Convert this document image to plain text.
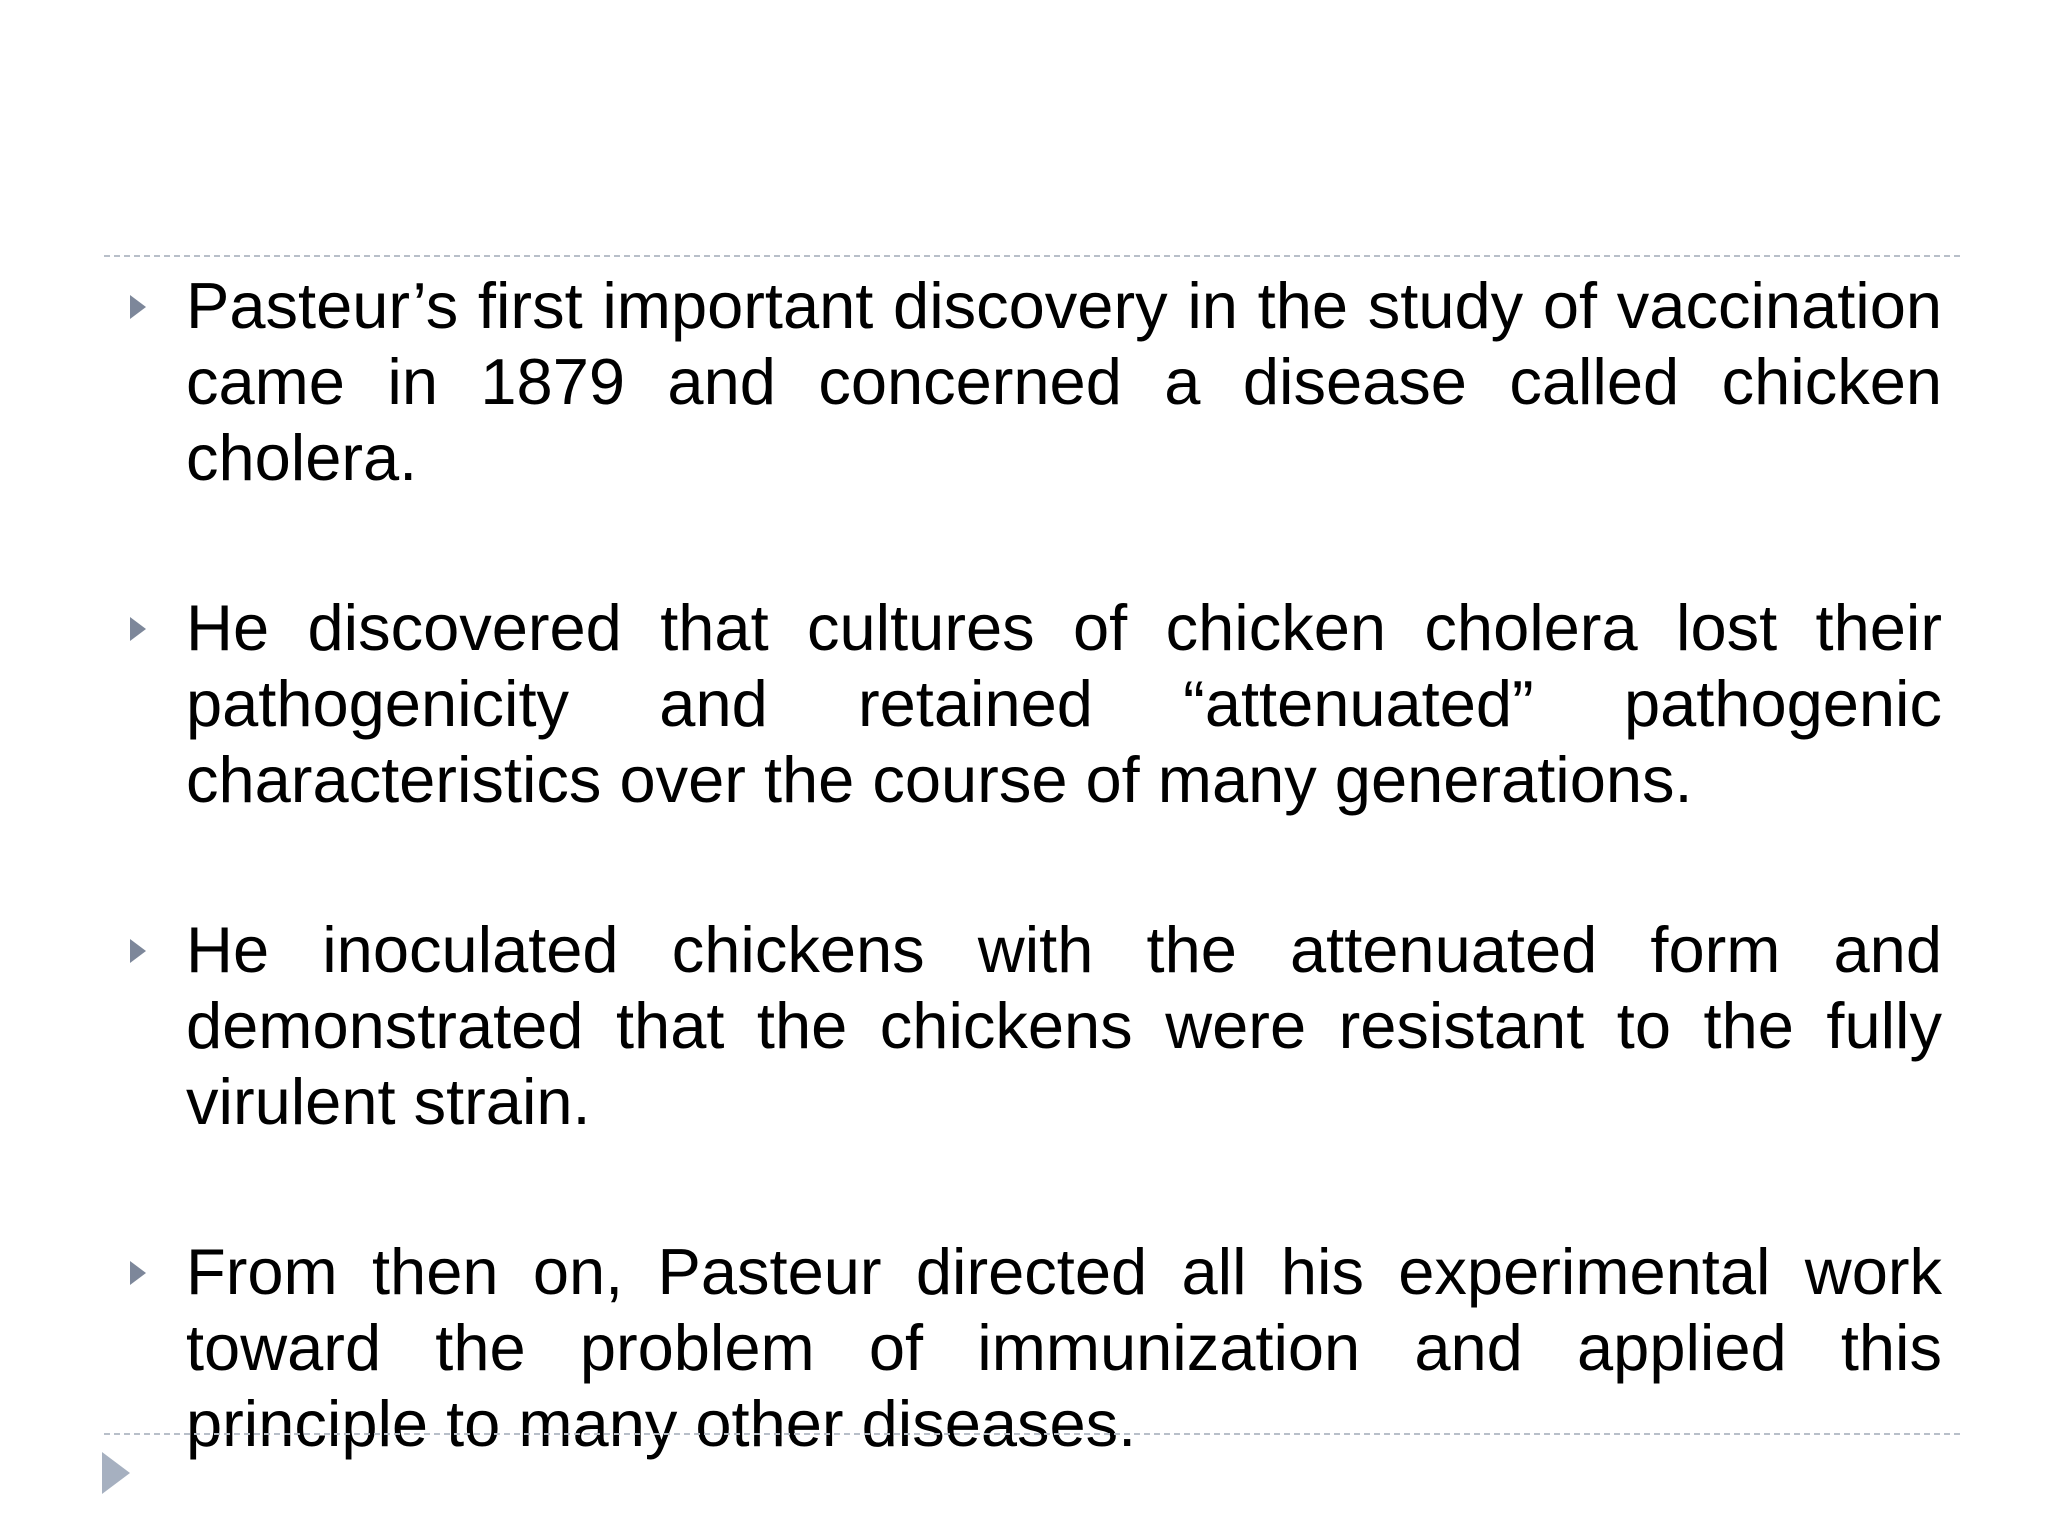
Pasteur’s first important discovery in the study of vaccination came in 1879 and concerned a disease called chicken cholera.
He discovered that cultures of chicken cholera lost their pathogenicity and retained “attenuated” pathogenic characteristics over the course of many generations.
He inoculated chickens with the attenuated form and demonstrated that the chickens were resistant to the fully virulent strain.
From then on, Pasteur directed all his experimental work toward the problem of immunization and applied this principle to many other diseases.
